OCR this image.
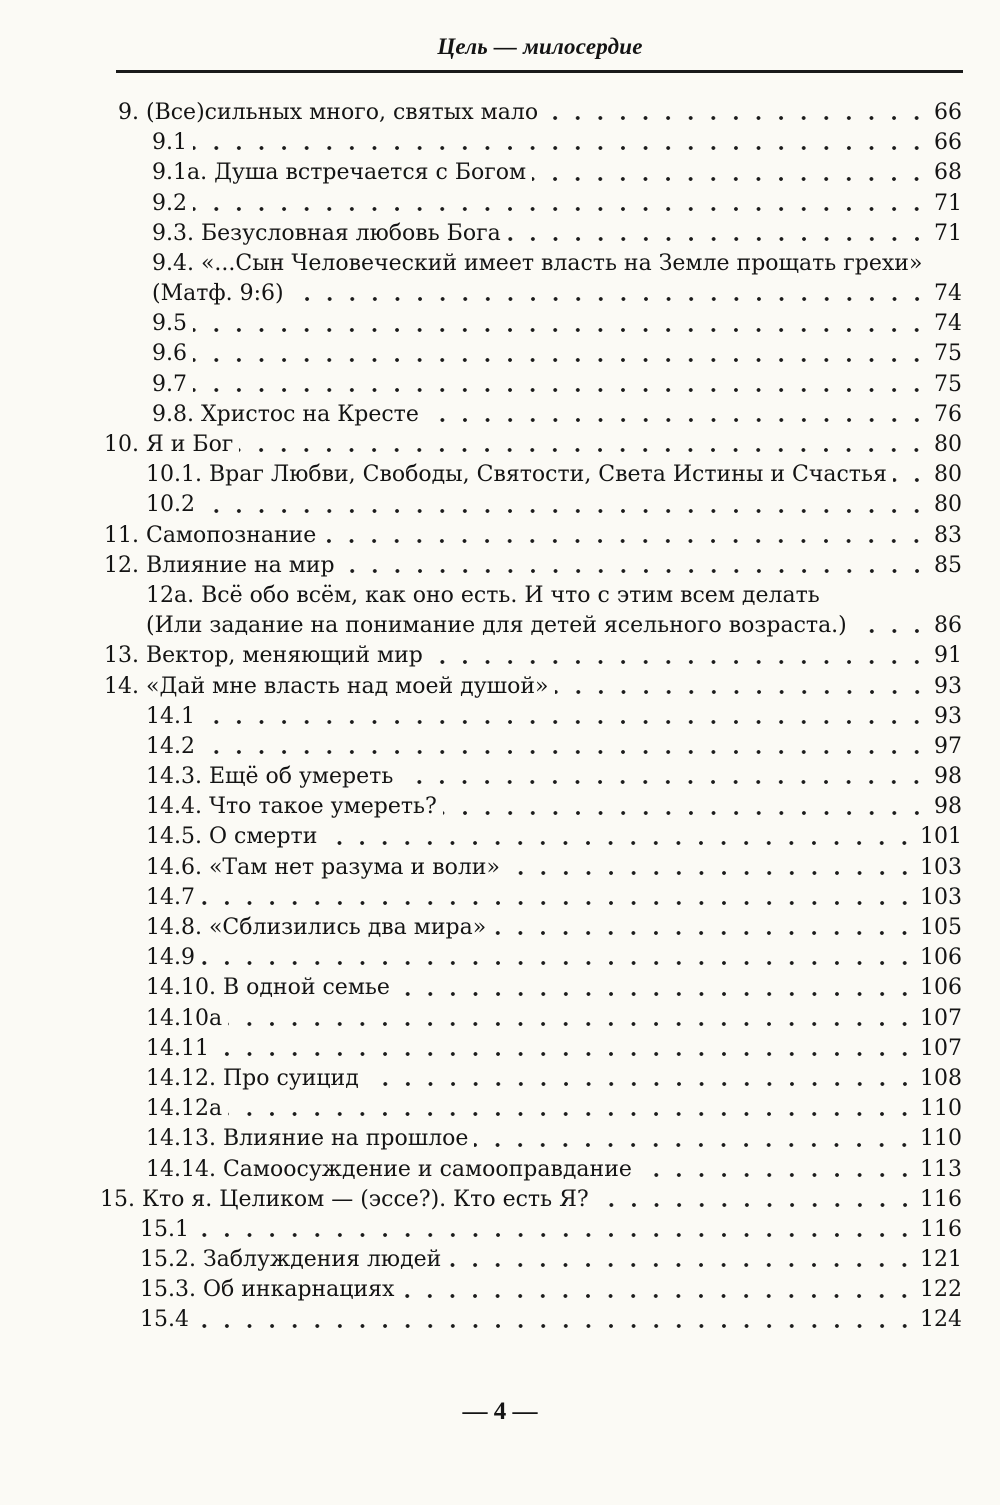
Цель — милосердие
9. (Все)сильных много, святых мало	66
9.1	66
9.1а. Душа встречается с Богом	68
9.2	71
9.3. Безусловная любовь Бога	71
9.4. «...Сын Человеческий имеет власть на Земле прощать грехи»
(Матф. 9:6)	74
9.5	74
9.6	75
9.7	75
9.8. Христос на Кресте	76
10. Я и Бог	80
10.1. Враг Любви, Свободы, Святости, Света Истины и Счастья 80
10.2	80
11. Самопознание	83
12. Влияние на мир	85
12а. Всё обо всём, как оно есть. И что с этим всем делать
(Или задание на понимание для детей ясельного возраста.)	86
13. Вектор, меняющий мир	91
14. «Дай мне власть над моей душой»	93
14.1	93
14.2	97
14.3. Ещё об умереть	98
14.4. Что такое умереть?	98
14.5. О смерти	101
14.6. «Там нет разума и воли»	103
14.7	103
14.8. «Сблизились два мира»	105
14.9	106
14.10. В одной семье	106
14.10а	107
14.11	107
14.12. Про суицид	108
14.12а	110
14.13. Влияние на прошлое	110
14.14. Самоосуждение и самооправдание	113
15. Кто я. Целиком — (эссе?). Кто есть Я?	116
15.1	116
15.2. Заблуждения людей	121
15.3. Об инкарнациях	122
15.4	124
— 4 —
